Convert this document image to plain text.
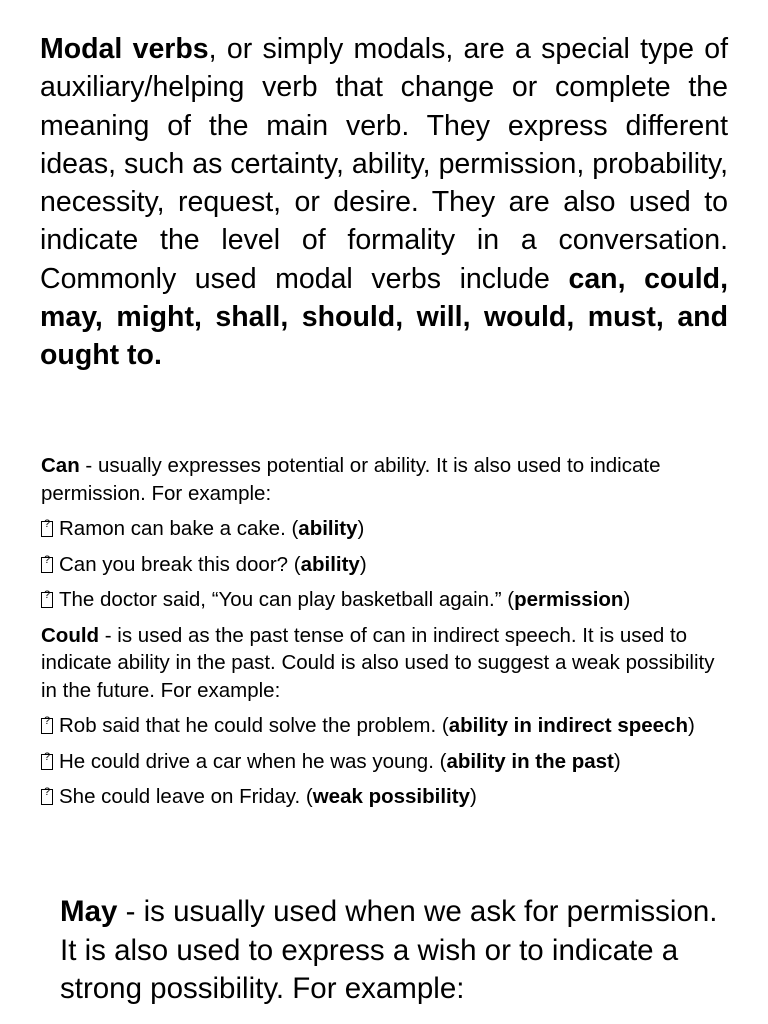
Modal verbs, or simply modals, are a special type of auxiliary/helping verb that change or complete the meaning of the main verb. They express different ideas, such as certainty, ability, permission, probability, necessity, request, or desire. They are also used to indicate the level of formality in a conversation. Commonly used modal verbs include can, could, may, might, shall, should, will, would, must, and ought to.

Can - usually expresses potential or ability. It is also used to indicate permission. For example:

?Ramon can bake a cake. (ability)

?Can you break this door? (ability)

?The doctor said, “You can play basketball again.” (permission)

Could - is used as the past tense of can in indirect speech. It is used to indicate ability in the past. Could is also used to suggest a weak possibility in the future. For example:

?Rob said that he could solve the problem. (ability in indirect speech)

?He could drive a car when he was young. (ability in the past)

?She could leave on Friday. (weak possibility)

May - is usually used when we ask for permission. It is also used to express a wish or to indicate a strong possibility. For example:
